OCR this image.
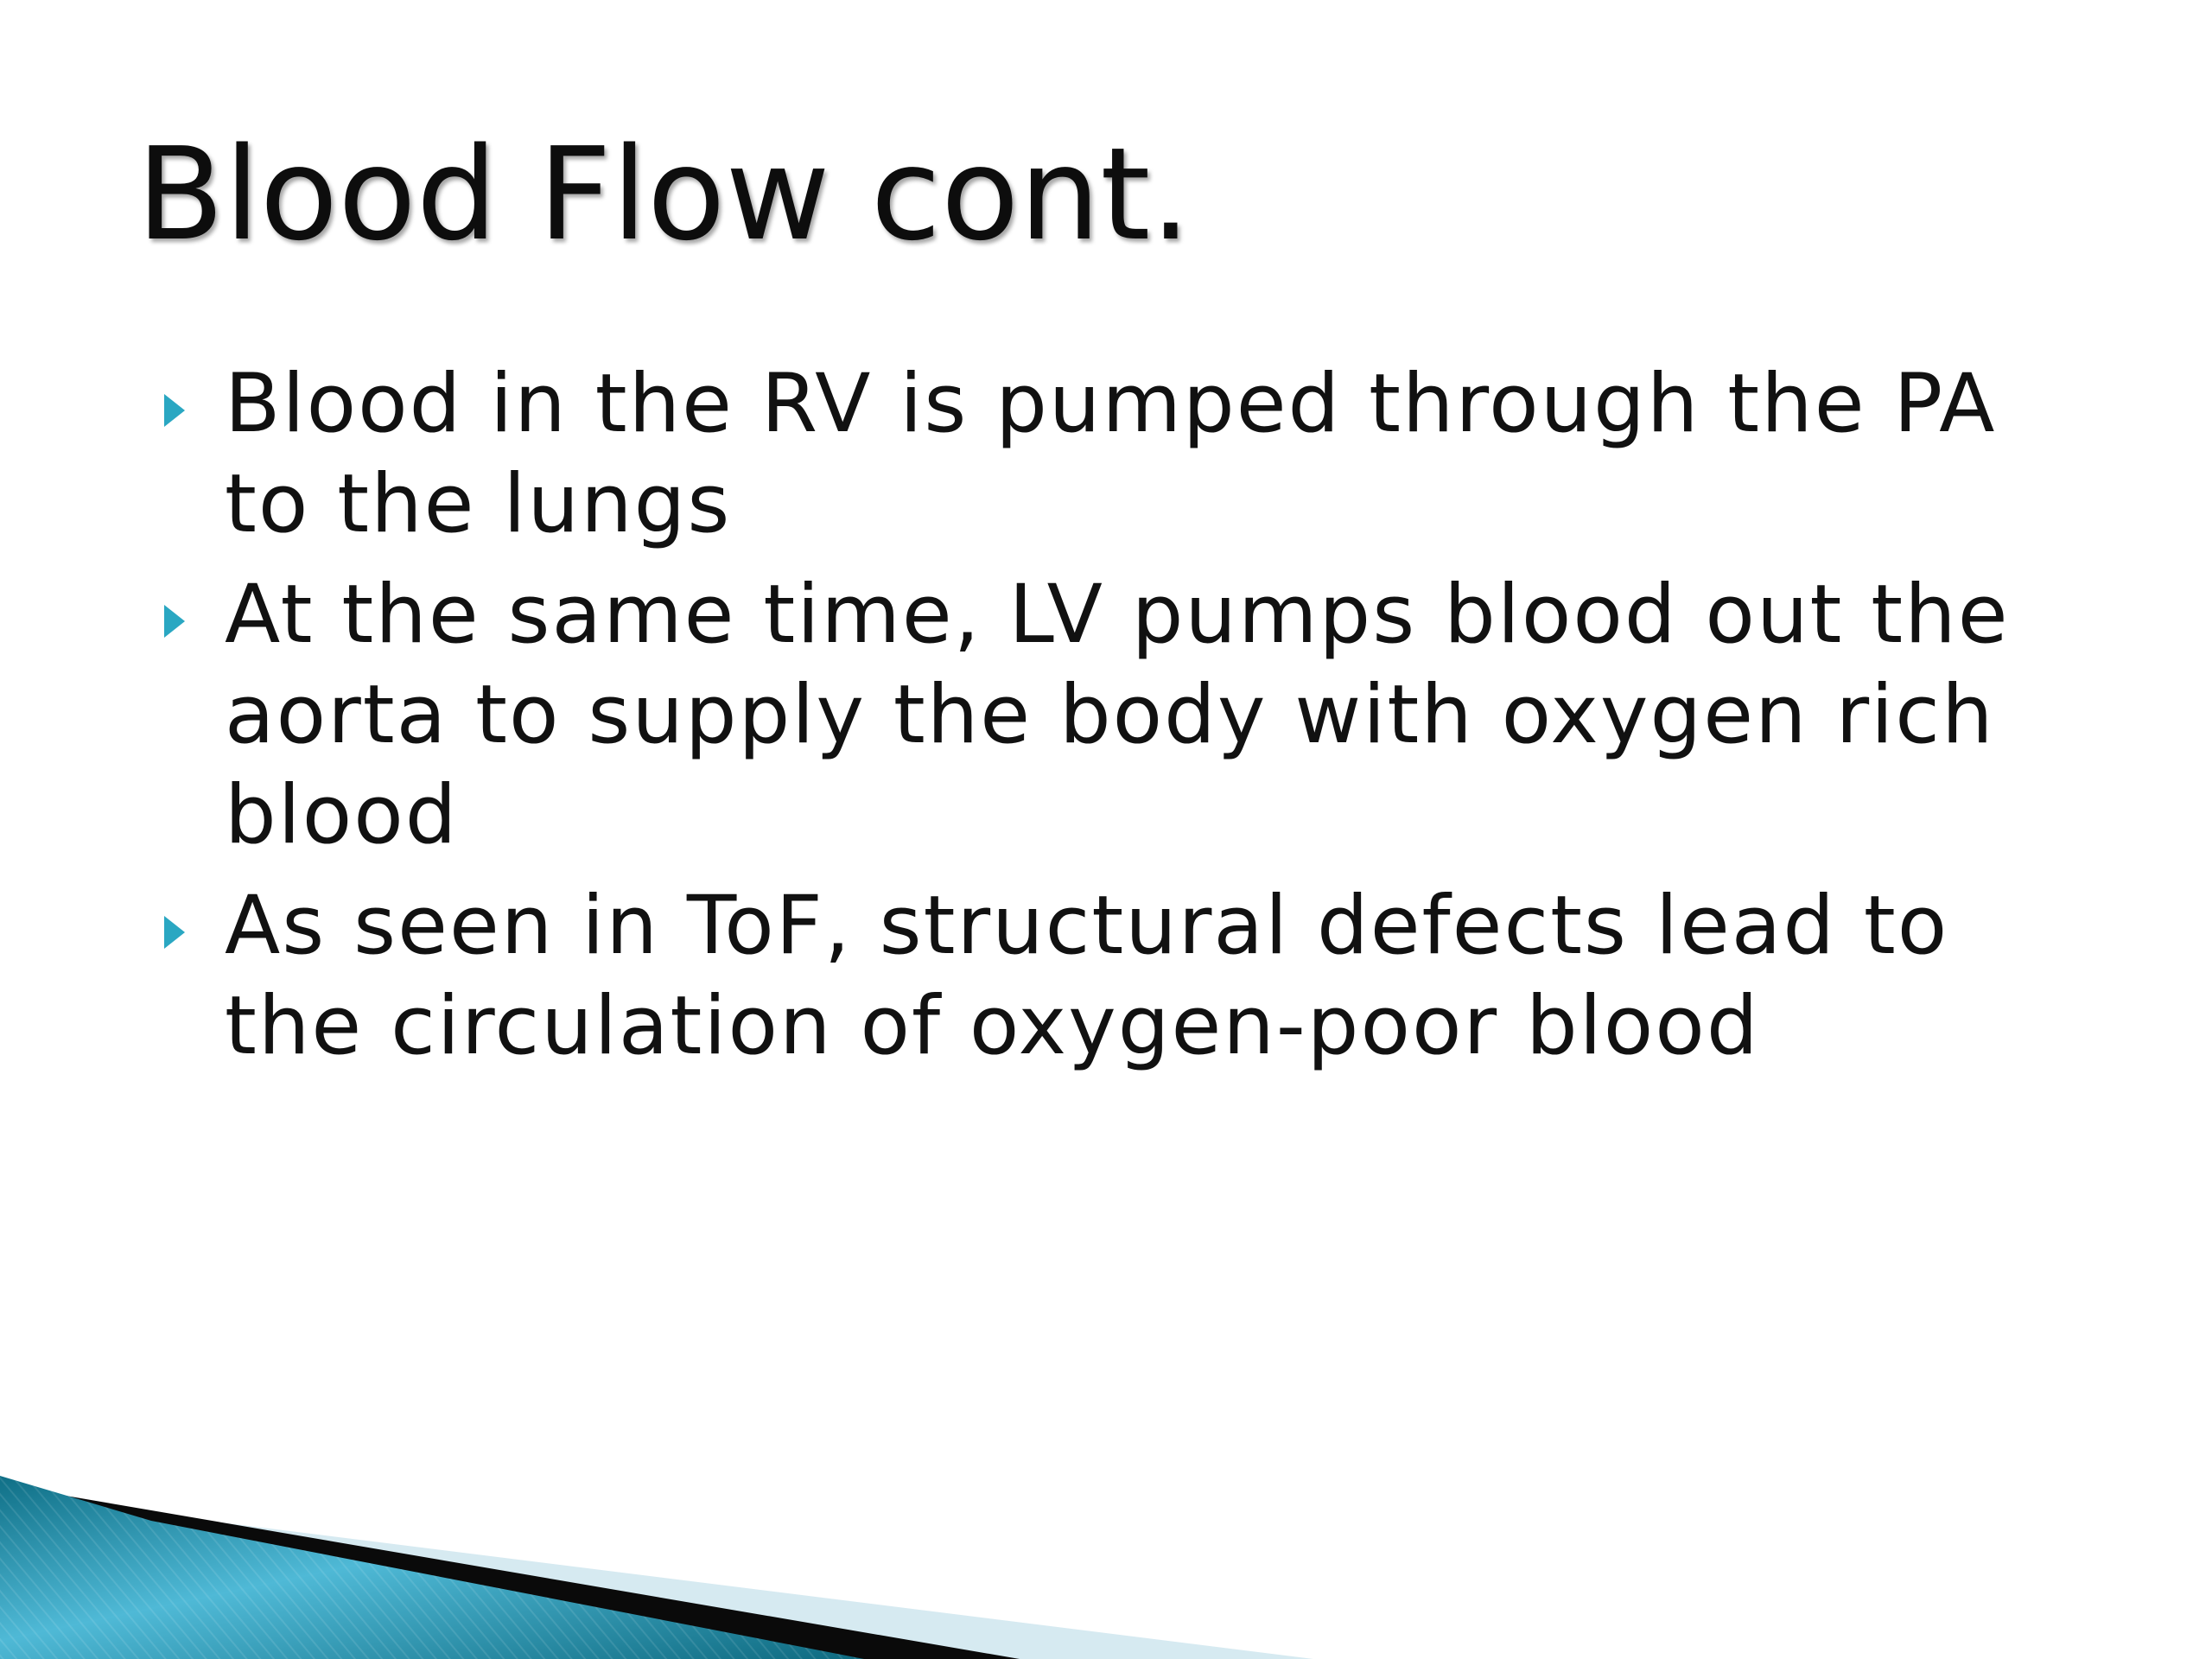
Blood Flow cont.
Blood in the RV is pumped through the PA to the lungs
At the same time, LV pumps blood out the aorta to supply the body with oxygen rich blood
As seen in ToF, structural defects lead to the circulation of oxygen-poor blood
